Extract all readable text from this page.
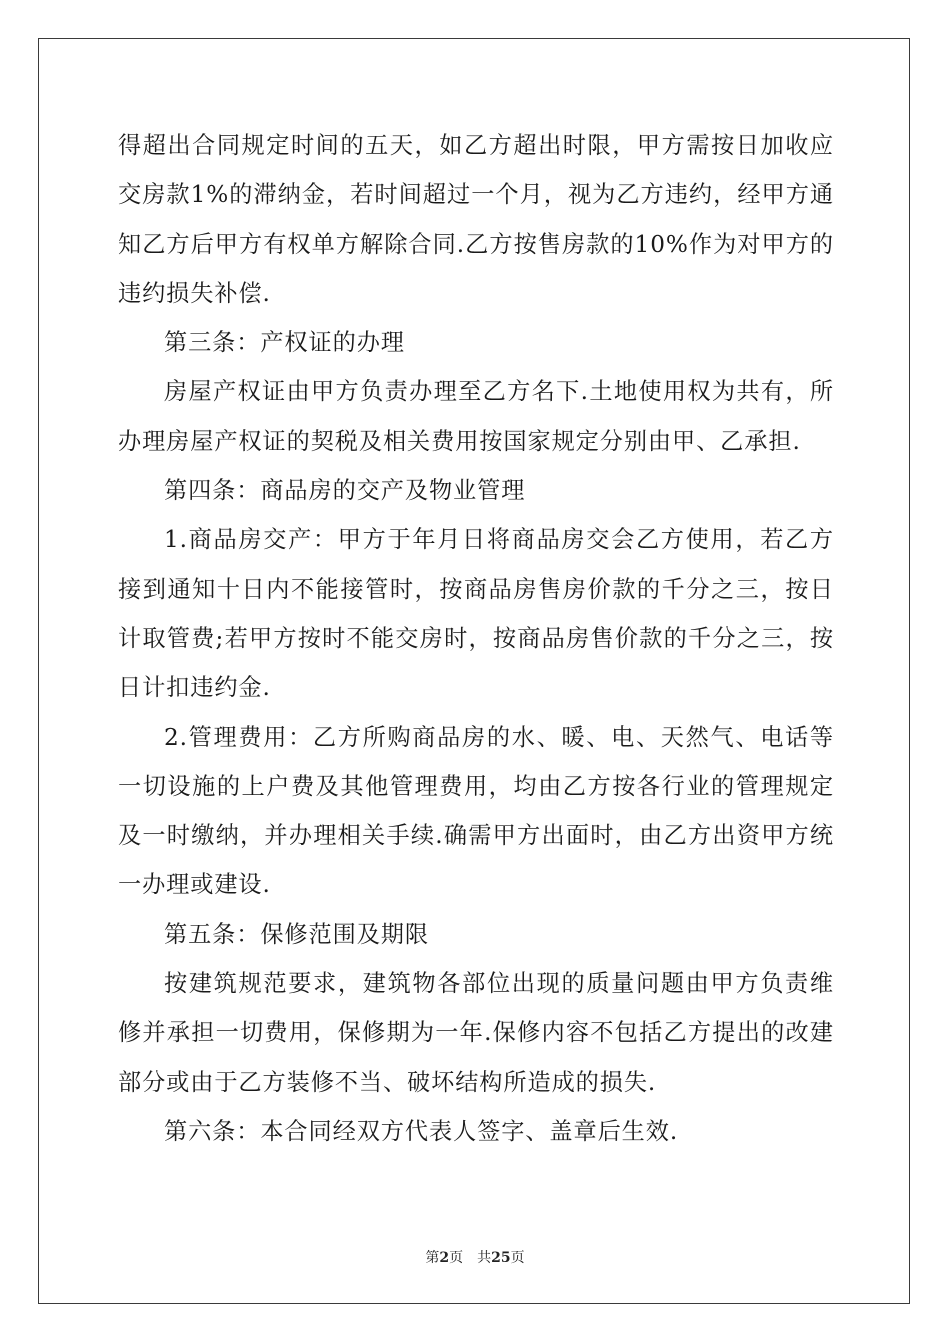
得超出合同规定时间的五天，如乙方超出时限，甲方需按日加收应交房款1%的滞纳金，若时间超过一个月，视为乙方违约，经甲方通知乙方后甲方有权单方解除合同.乙方按售房款的10%作为对甲方的违约损失补偿.

第三条：产权证的办理

房屋产权证由甲方负责办理至乙方名下.土地使用权为共有，所办理房屋产权证的契税及相关费用按国家规定分别由甲、乙承担.

第四条：商品房的交产及物业管理

1.商品房交产：甲方于年月日将商品房交会乙方使用，若乙方接到通知十日内不能接管时，按商品房售房价款的千分之三，按日计取管费;若甲方按时不能交房时，按商品房售价款的千分之三，按日计扣违约金.

2.管理费用：乙方所购商品房的水、暖、电、天然气、电话等一切设施的上户费及其他管理费用，均由乙方按各行业的管理规定及一时缴纳，并办理相关手续.确需甲方出面时，由乙方出资甲方统一办理或建设.

第五条：保修范围及期限

按建筑规范要求，建筑物各部位出现的质量问题由甲方负责维修并承担一切费用，保修期为一年.保修内容不包括乙方提出的改建部分或由于乙方装修不当、破坏结构所造成的损失.

第六条：本合同经双方代表人签字、盖章后生效.

第2页 共25页
